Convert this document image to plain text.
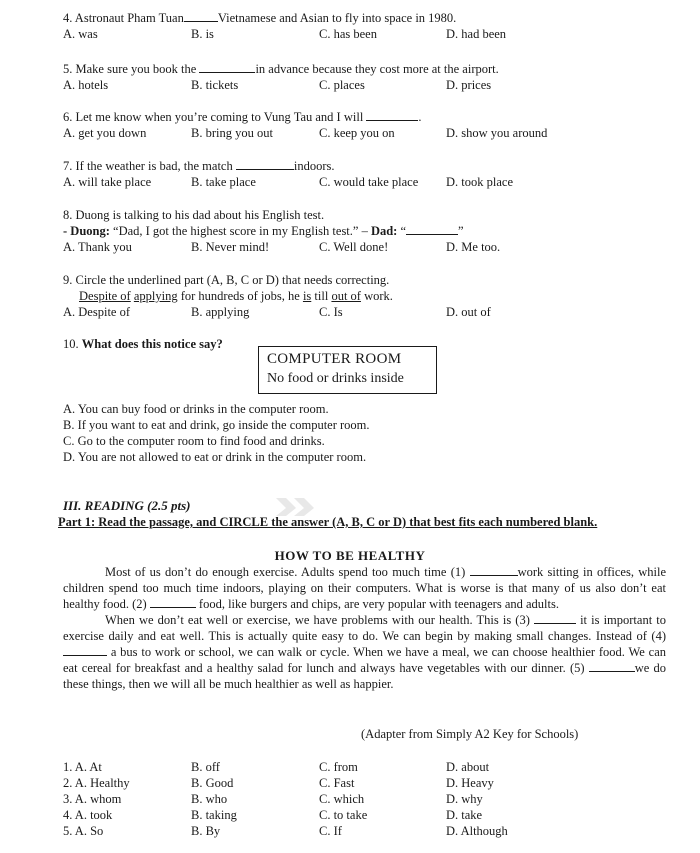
4. Astronaut Pham Tuan	Vietnamese and Asian to fly into space in 1980.
A. was	B. is	C. has been	D. had been
5. Make sure you book the	in advance because they cost more at the airport.
A. hotels	B. tickets	C. places	D. prices
6. Let me know when you’re coming to Vung Tau and I will	.
A. get you down	B. bring you out	C. keep you on	D. show you around
7. If the weather is bad, the match	indoors.
A. will take place	B. take place	C. would take place D. took place
8. Duong is talking to his dad about his English test.
- Duong: “Dad, I got the highest score in my English test.” – Dad: “	”
A. Thank you	B. Never mind!	C. Well done!	D. Me too.
9. Circle the underlined part (A, B, C or D) that needs correcting.
Despite of applying for hundreds of jobs, he is till out of work.
A. Despite of	B. applying	C. Is	D. out of
10. What does this notice say?
COMPUTER ROOM
No food or drinks inside
A. You can buy food or drinks in the computer room.
B. If you want to eat and drink, go inside the computer room.
C. Go to the computer room to find food and drinks.
D. You are not allowed to eat or drink in the computer room.
III. READING (2.5 pts)
Part 1: Read the passage, and CIRCLE the answer (A, B, C or D) that best fits each numbered blank.
HOW TO BE HEALTHY

Most of us don’t do enough exercise. Adults spend too much time (1)	work sitting in offices, while children spend too much time indoors, playing on their computers. What is worse is that many of us also don’t eat healthy food. (2)	food, like burgers and chips, are very popular with teenagers and adults.

When we don’t eat well or exercise, we have problems with our health. This is (3)	it is important to exercise daily and eat well. This is actually quite easy to do. We can begin by making small changes. Instead of (4)  a bus to work or school, we can walk or cycle. When we have a meal, we can choose healthier food. We can eat cereal for breakfast and a healthy salad for lunch and always have vegetables with our dinner. (5)	we do these things, then we will all be much healthier as well as happier.

(Adapter from Simply A2 Key for Schools)
1. A. At	B. off	C. from	D. about
2. A. Healthy	B. Good	C. Fast	D. Heavy
3. A. whom	B. who	C. which	D. why
4. A. took	B. taking	C. to take	D. take
5. A. So	B. By	C. If	D. Although
